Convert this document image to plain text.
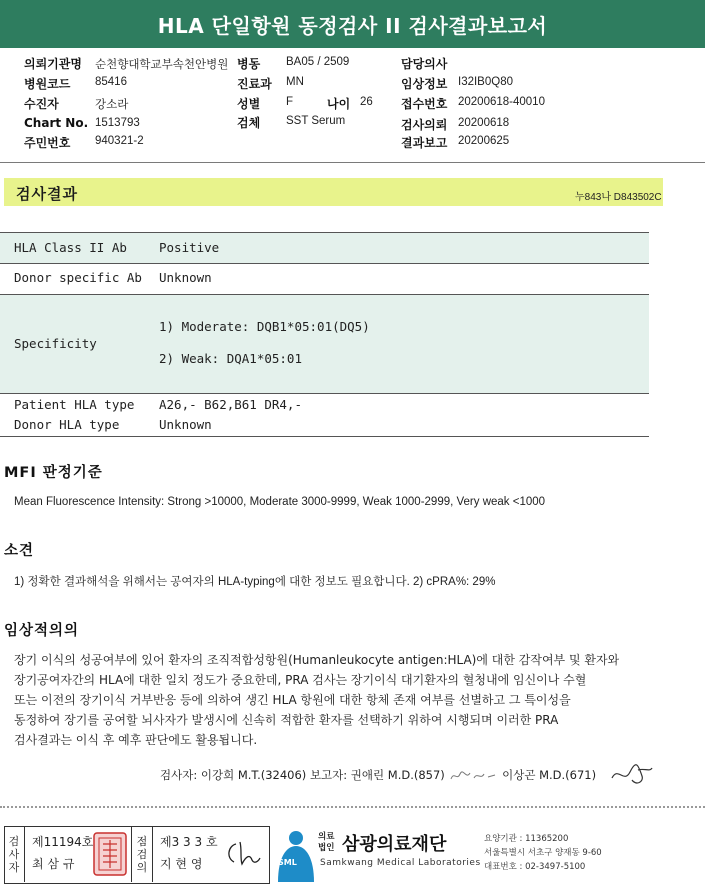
HLA 단일항원 동정검사 II 검사결과보고서
의뢰기관명 순천향대학교부속천안병원
병원코드 85416
수진자	강소라
Chart No. 1513793
주민번호 940321-2
병동 BA05 / 2509
진료과 MN
성별 F	나이 26
검체 SST Serum
담당의사
임상정보 I32IB0Q80
접수번호 20200618-40010
검사의뢰 20200618
결과보고 20200625
검사결과	누843나 D843502C
HLA Class II Ab	Positive
Donor specific Ab Unknown
Specificity
1) Moderate: DQB1*05:01(DQ5)
2) Weak: DQA1*05:01
Patient HLA type A26,- B62,B61 DR4,-
Donor HLA type	Unknown
MFI 판정기준
Mean Fluorescence Intensity: Strong >10000, Moderate 3000-9999, Weak 1000-2999, Very weak <1000
소견
1) 정확한 결과해석을 위해서는 공여자의 HLA-typing에 대한 정보도 필요합니다. 2) cPRA%: 29%
임상적의의
장기 이식의 성공여부에 있어 환자의 조직적합성항원(Humanleukocyte antigen:HLA)에 대한 감작여부 및 환자와
장기공여자간의 HLA에 대한 일치 정도가 중요한데, PRA 검사는 장기이식 대기환자의 혈청내에 임신이나 수혈
또는 이전의 장기이식 거부반응 등에 의하여 생긴 HLA 항원에 대한 항체 존재 여부를 선별하고 그 특이성을
동정하여 장기를 공여할 뇌사자가 발생시에 신속히 적합한 환자를 선택하기 위하여 시행되며 이러한 PRA
검사결과는 이식 후 예후 판단에도 활용됩니다.
검사자: 이강희 M.T.(32406) 보고자: 권애린 M.D.(857)	이상곤 M.D.(671)
검사자
제11194호
최 삼 규
점검의
제3 3 3 호
지 현 영	SML
의료법인 삼광의료재단
Samkwang Medical Laboratories
요양기관 : 11365200
서울특별시 서초구 양재동 9-60
대표번호 : 02-3497-5100
